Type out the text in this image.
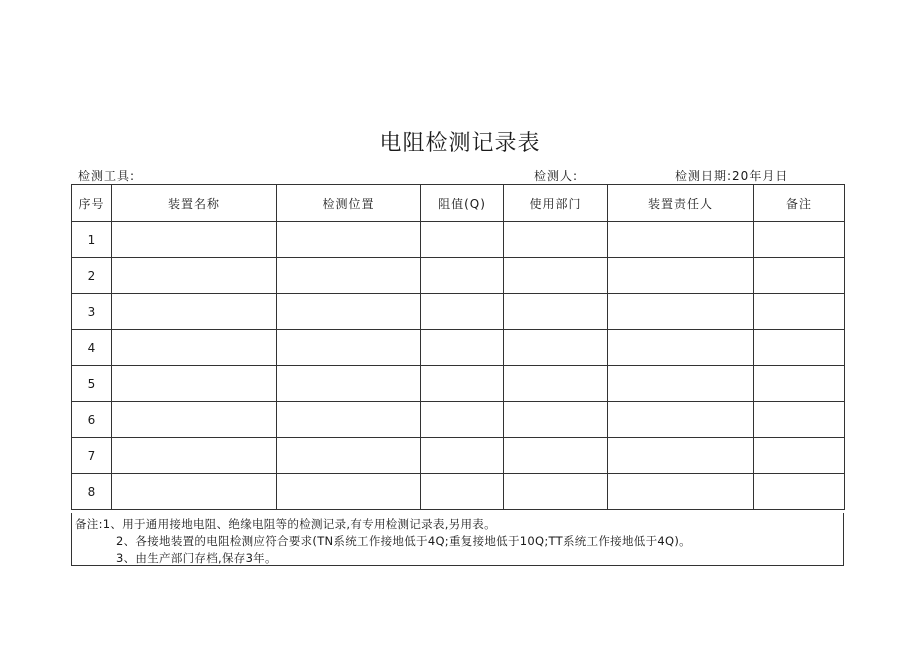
电阻检测记录表
检测工具:	检测人:	检测日期:20年月日
序号	装置名称	检测位置	阻值(Q)	使用部门	装置责任人	备注
1						
2						
3						
4						
5						
6						
7						
8						
备注:1、用于通用接地电阻、绝缘电阻等的检测记录,有专用检测记录表,另用表。
2、各接地装置的电阻检测应符合要求(TN系统工作接地低于4Q;重复接地低于10Q;TT系统工作接地低于4Q)。
3、由生产部门存档,保存3年。
